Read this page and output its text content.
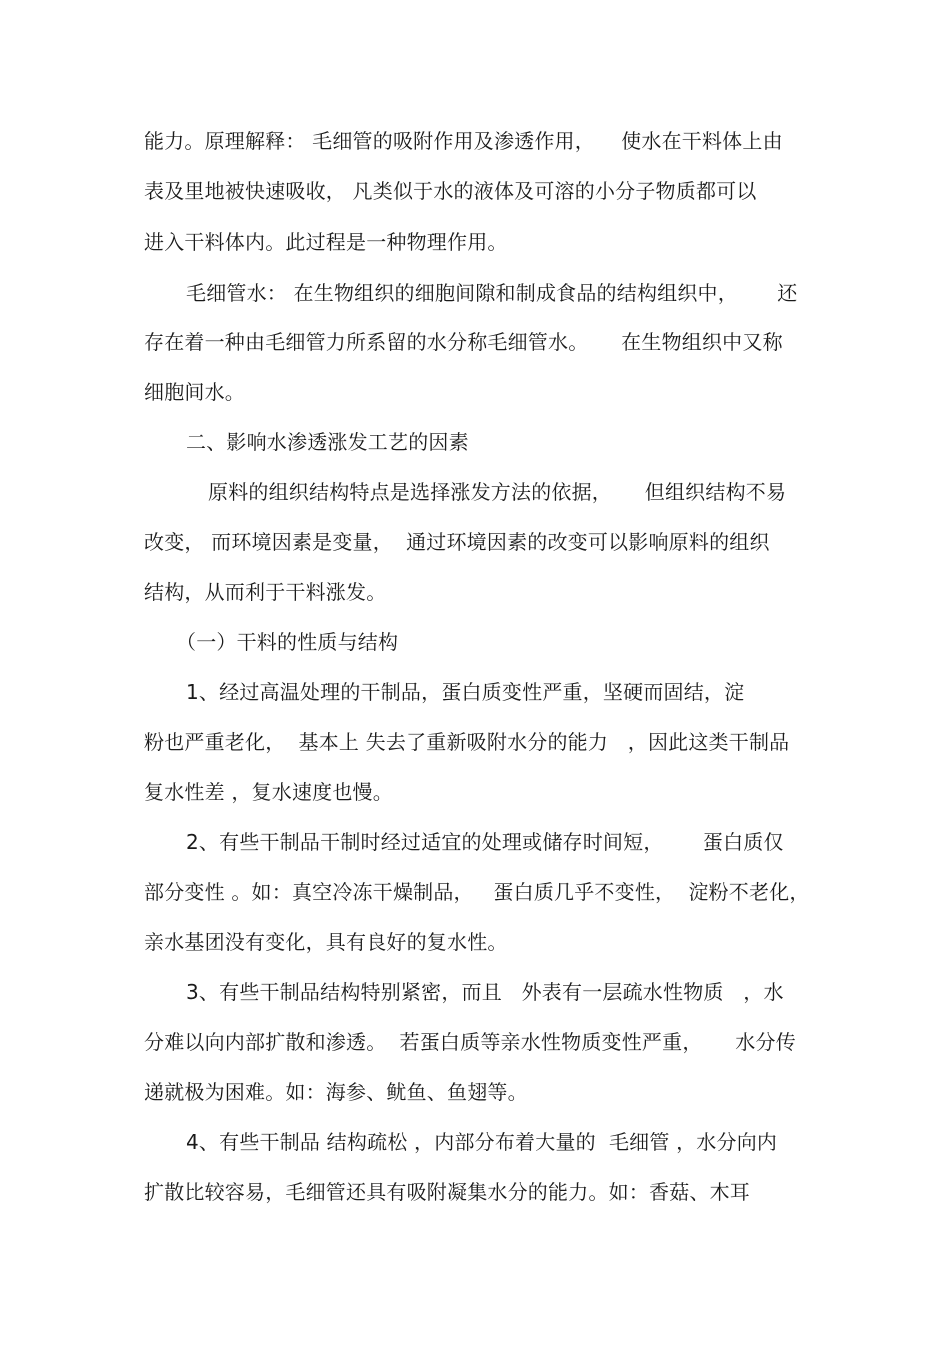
能力。原理解释： 毛细管的吸附作用及渗透作用，    使水在干料体上由
表及里地被快速吸收， 凡类似于水的液体及可溶的小分子物质都可以
进入干料体内。此过程是一种物理作用。
毛细管水： 在生物组织的细胞间隙和制成食品的结构组织中，      还
存在着一种由毛细管力所系留的水分称毛细管水。     在生物组织中又称
细胞间水。
二、影响水渗透涨发工艺的因素
原料的组织结构特点是选择涨发方法的依据，     但组织结构不易
改变， 而环境因素是变量，  通过环境因素的改变可以影响原料的组织
结构，从而利于干料涨发。
（一）干料的性质与结构
1、经过高温处理的干制品，蛋白质变性严重，坚硬而固结，淀
粉也严重老化，  基本上 失去了重新吸附水分的能力   ，因此这类干制品
复水性差 ，复水速度也慢。
2、有些干制品干制时经过适宜的处理或储存时间短，      蛋白质仅
部分变性 。如：真空冷冻干燥制品，   蛋白质几乎不变性，  淀粉不老化，
亲水基团没有变化，具有良好的复水性。
3、有些干制品结构特别紧密，而且   外表有一层疏水性物质   ，水
分难以向内部扩散和渗透。  若蛋白质等亲水性物质变性严重，     水分传
递就极为困难。如：海参、鱿鱼、鱼翅等。
4、有些干制品 结构疏松 ，内部分布着大量的  毛细管 ，水分向内
扩散比较容易，毛细管还具有吸附凝集水分的能力。如：香菇、木耳
